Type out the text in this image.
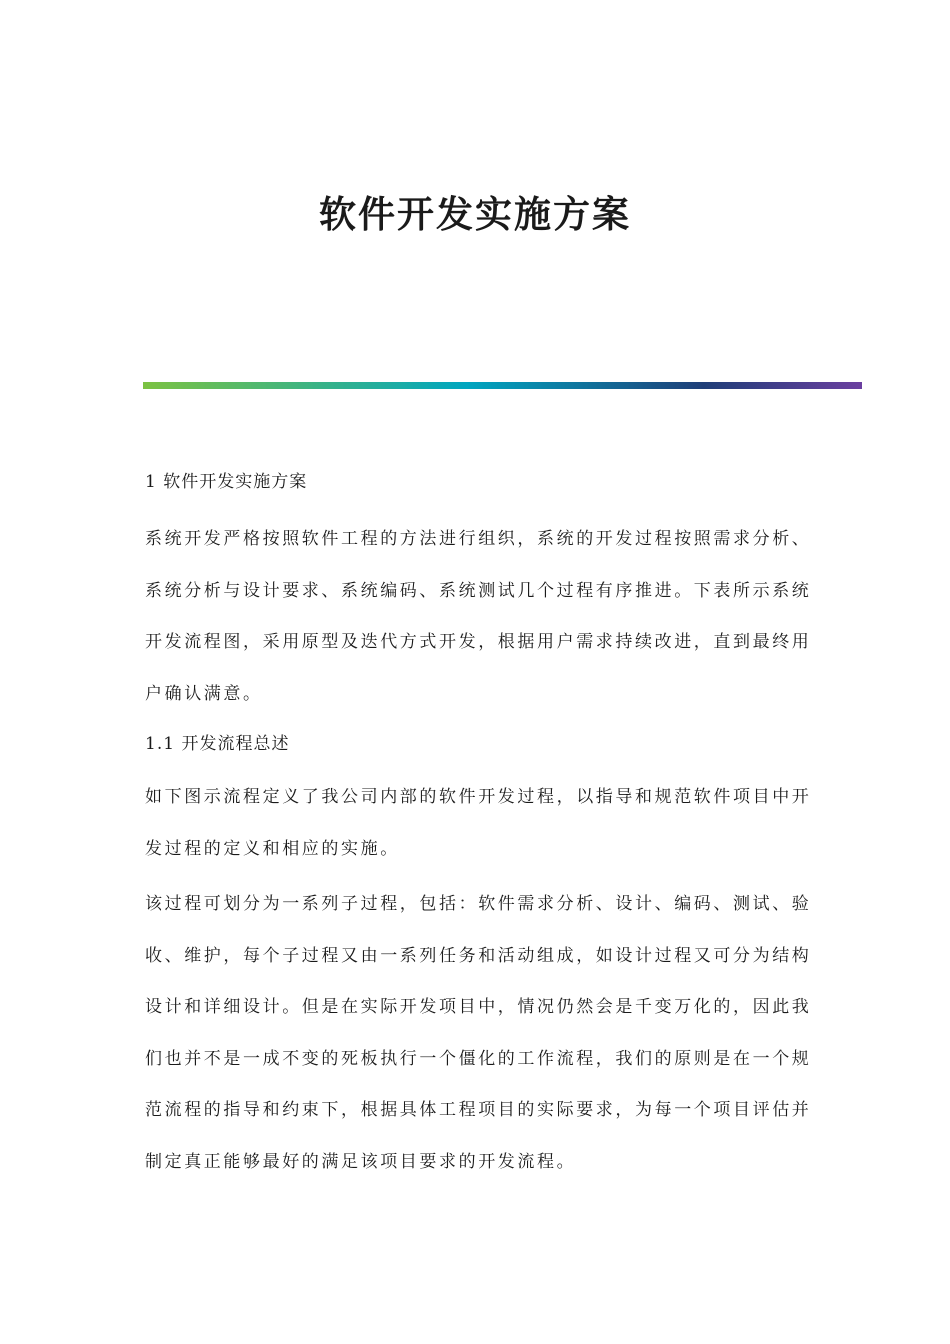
软件开发实施方案
1 软件开发实施方案

系统开发严格按照软件工程的方法进行组织，系统的开发过程按照需求分析、
系统分析与设计要求、系统编码、系统测试几个过程有序推进。下表所示系统
开发流程图，采用原型及迭代方式开发，根据用户需求持续改进，直到最终用
户确认满意。

1.1 开发流程总述

如下图示流程定义了我公司内部的软件开发过程，以指导和规范软件项目中开
发过程的定义和相应的实施。

该过程可划分为一系列子过程，包括：软件需求分析、设计、编码、测试、验
收、维护，每个子过程又由一系列任务和活动组成，如设计过程又可分为结构
设计和详细设计。但是在实际开发项目中，情况仍然会是千变万化的，因此我
们也并不是一成不变的死板执行一个僵化的工作流程，我们的原则是在一个规
范流程的指导和约束下，根据具体工程项目的实际要求，为每一个项目评估并
制定真正能够最好的满足该项目要求的开发流程。
